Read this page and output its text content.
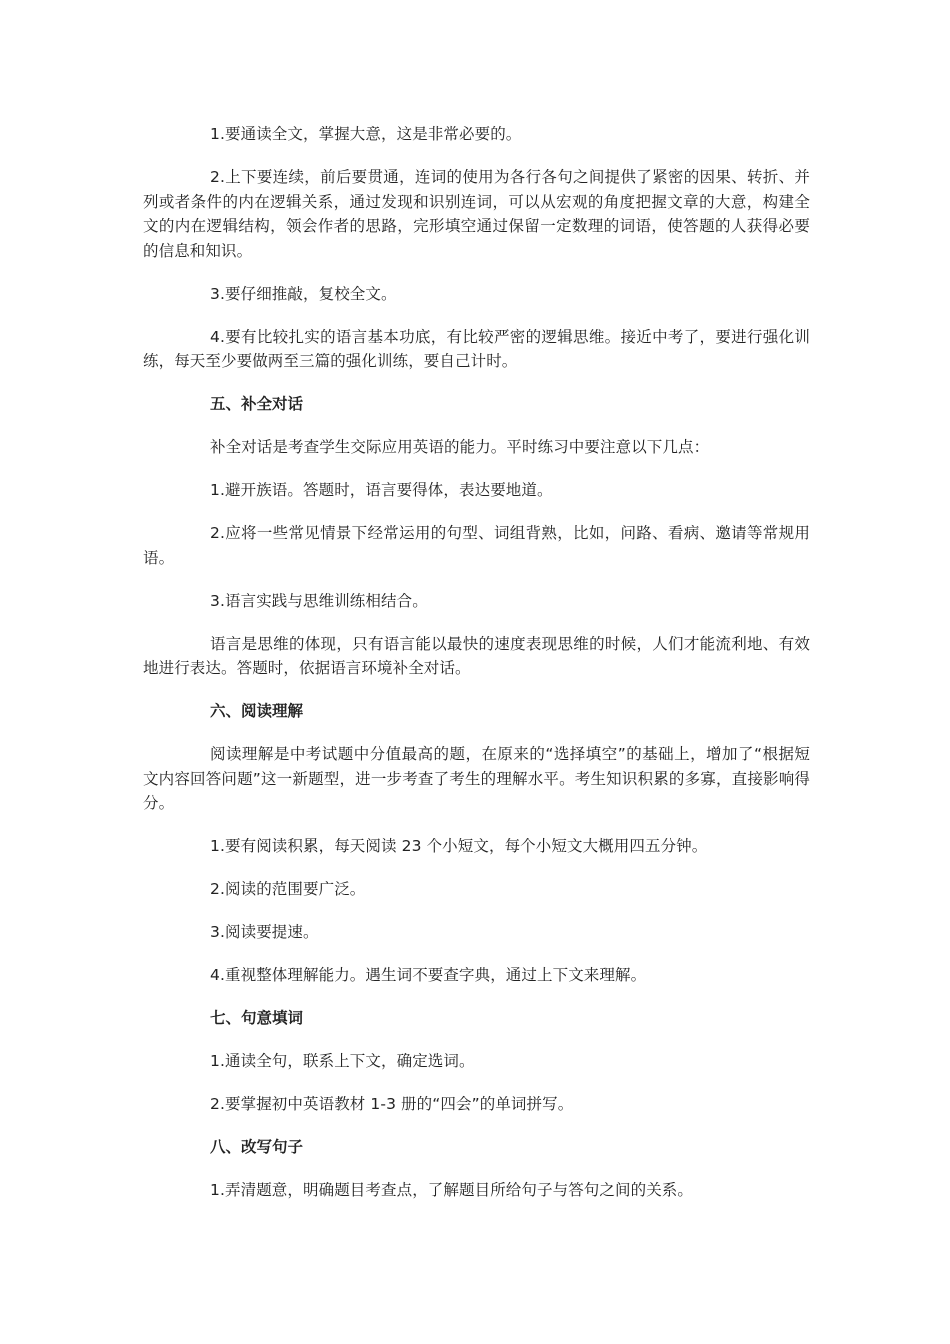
1.要通读全文，掌握大意，这是非常必要的。

2.上下要连续，前后要贯通，连词的使用为各行各句之间提供了紧密的因果、转折、并列或者条件的内在逻辑关系，通过发现和识别连词，可以从宏观的角度把握文章的大意，构建全文的内在逻辑结构，领会作者的思路，完形填空通过保留一定数理的词语，使答题的人获得必要的信息和知识。

3.要仔细推敲，复校全文。

4.要有比较扎实的语言基本功底，有比较严密的逻辑思维。接近中考了，要进行强化训练，每天至少要做两至三篇的强化训练，要自己计时。

五、补全对话

补全对话是考查学生交际应用英语的能力。平时练习中要注意以下几点：

1.避开族语。答题时，语言要得体，表达要地道。

2.应将一些常见情景下经常运用的句型、词组背熟，比如，问路、看病、邀请等常规用语。

3.语言实践与思维训练相结合。

语言是思维的体现，只有语言能以最快的速度表现思维的时候，人们才能流利地、有效地进行表达。答题时，依据语言环境补全对话。

六、阅读理解

阅读理解是中考试题中分值最高的题，在原来的“选择填空”的基础上，增加了“根据短文内容回答问题”这一新题型，进一步考查了考生的理解水平。考生知识积累的多寡，直接影响得分。

1.要有阅读积累，每天阅读 23 个小短文，每个小短文大概用四五分钟。

2.阅读的范围要广泛。

3.阅读要提速。

4.重视整体理解能力。遇生词不要查字典，通过上下文来理解。

七、句意填词

1.通读全句，联系上下文，确定选词。

2.要掌握初中英语教材 1-3 册的“四会”的单词拼写。

八、改写句子

1.弄清题意，明确题目考查点，了解题目所给句子与答句之间的关系。
